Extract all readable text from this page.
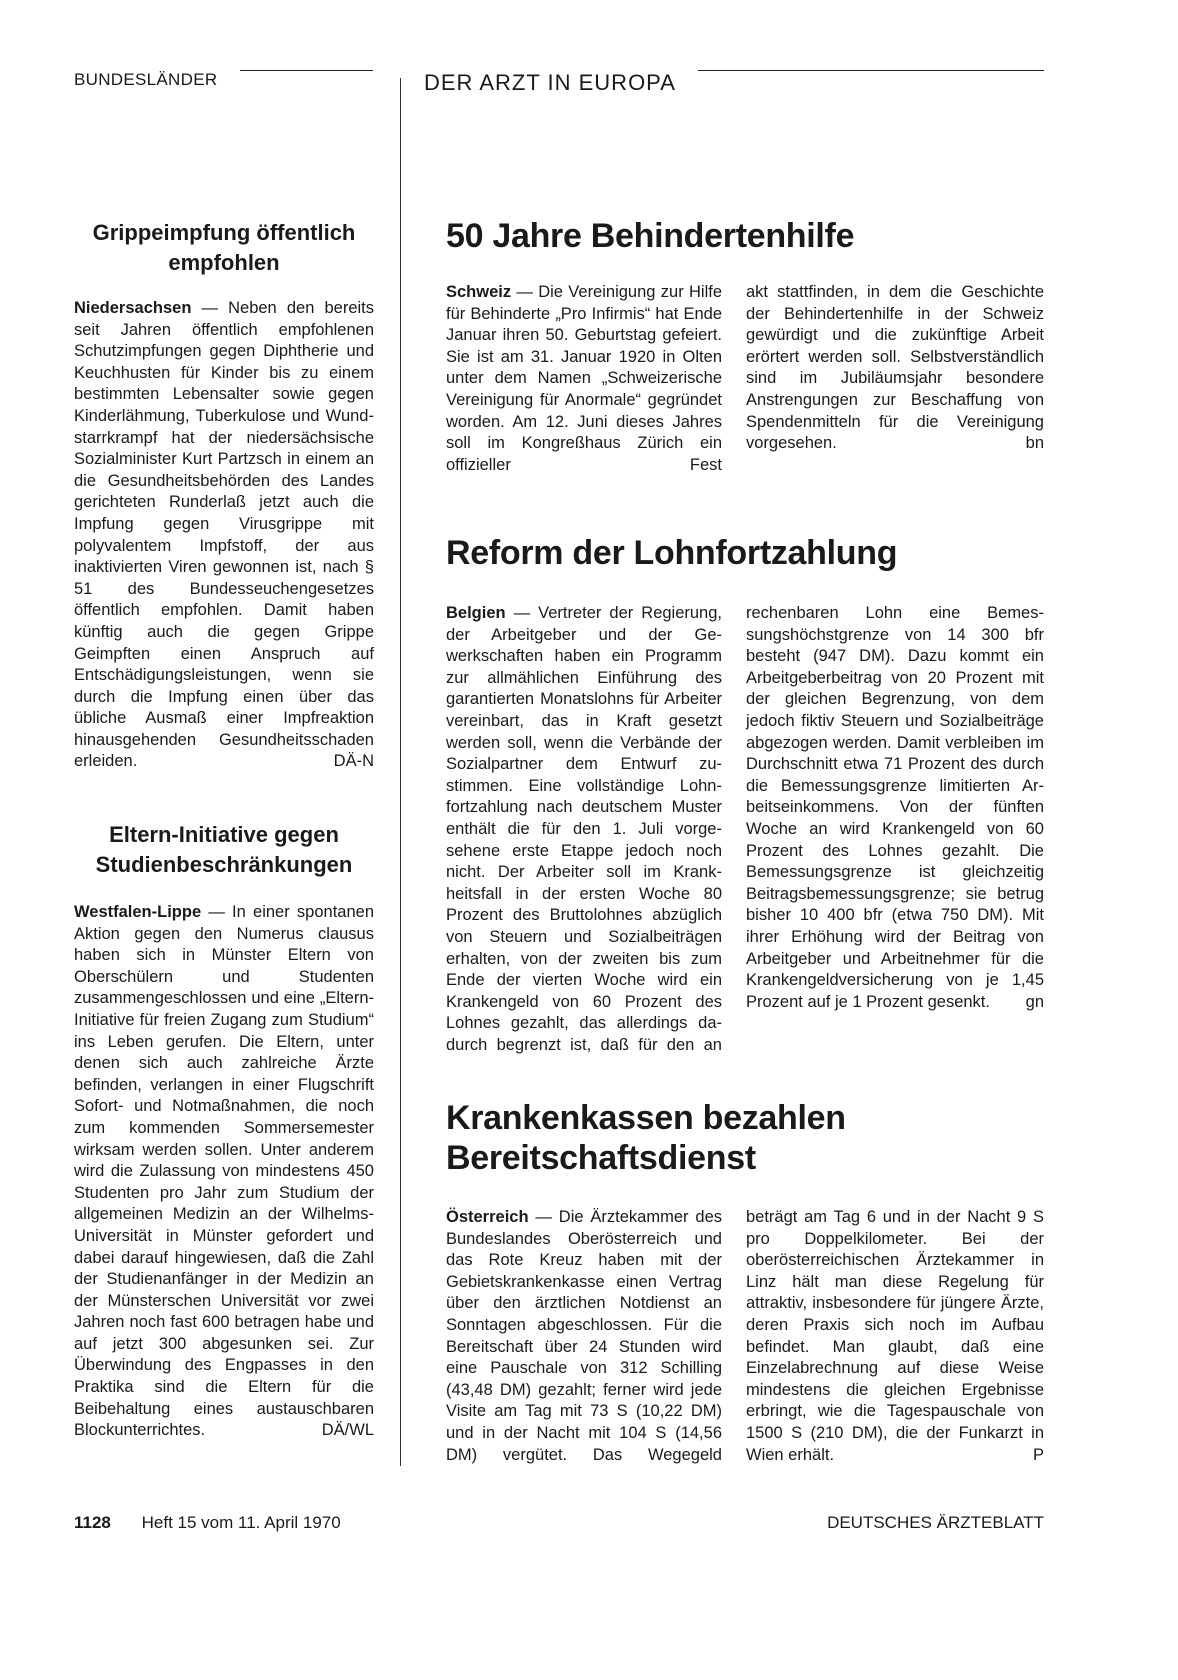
BUNDESLÄNDER	DER ARZT IN EUROPA
Grippeimpfung öffentlich empfohlen

Niedersachsen — Neben den bereits seit Jahren öffentlich empfohlenen Schutzimpfungen gegen Diphtherie und Keuchhusten für Kinder bis zu einem bestimmten Lebensalter sowie gegen Kinderlähmung, Tuberkulose und Wundstarrkrampf hat der niedersächsische Sozialminister Kurt Partzsch in einem an die Gesundheitsbehörden des Landes gerichteten Runderlaß jetzt auch die Impfung gegen Virusgrippe mit polyvalentem Impfstoff, der aus inaktivierten Viren gewonnen ist, nach § 51 des Bundesseuchengesetzes öffentlich empfohlen. Damit haben künftig auch die gegen Grippe Geimpften einen Anspruch auf Entschädigungsleistungen, wenn sie durch die Impfung einen über das übliche Ausmaß einer Impfreaktion hinausgehenden Gesundheitsschaden erleiden.	DÄ-N

Eltern-Initiative gegen Studienbeschränkungen

Westfalen-Lippe — In einer spontanen Aktion gegen den Numerus clausus haben sich in Münster Eltern von Oberschülern und Studenten zusammengeschlossen und eine „Eltern-Initiative für freien Zugang zum Studium“ ins Leben gerufen. Die Eltern, unter denen sich auch zahlreiche Ärzte befinden, verlangen in einer Flugschrift Sofort- und Notmaßnahmen, die noch zum kommenden Sommersemester wirksam werden sollen. Unter anderem wird die Zulassung von mindestens 450 Studenten pro Jahr zum Studium der allgemeinen Medizin an der Wilhelms-Universität in Münster gefordert und dabei darauf hingewiesen, daß die Zahl der Studienanfänger in der Medizin an der Münsterschen Universität vor zwei Jahren noch fast 600 betragen habe und auf jetzt 300 abgesunken sei. Zur Überwindung des Engpasses in den Praktika sind die Eltern für die Beibehaltung eines austauschbaren Blockunterrichtes.	DÄ/WL

50 Jahre Behindertenhilfe

Schweiz — Die Vereinigung zur Hilfe für Behinderte „Pro Infirmis“ hat Ende Januar ihren 50. Geburtstag gefeiert. Sie ist am 31. Januar 1920 in Olten unter dem Namen „Schweizerische Vereinigung für Anormale“ gegründet worden. Am 12. Juni dieses Jahres soll im Kongreßhaus Zürich ein offizieller Fest

akt stattfinden, in dem die Geschichte der Behindertenhilfe in der Schweiz gewürdigt und die zukünftige Arbeit erörtert werden soll. Selbstverständlich sind im Jubiläumsjahr besondere Anstrengungen zur Beschaffung von Spendenmitteln für die Vereinigung vorgesehen.	bn

Reform der Lohnfortzahlung

Belgien — Vertreter der Regierung, der Arbeitgeber und der Gewerkschaften haben ein Programm zur allmählichen Einführung des garantierten Monatslohns für Arbeiter vereinbart, das in Kraft gesetzt werden soll, wenn die Verbände der Sozialpartner dem Entwurf zustimmen. Eine vollständige Lohnfortzahlung nach deutschem Muster enthält die für den 1. Juli vorgesehene erste Etappe jedoch noch nicht. Der Arbeiter soll im Krankheitsfall in der ersten Woche 80 Prozent des Bruttolohnes abzüglich von Steuern und Sozialbeiträgen erhalten, von der zweiten bis zum Ende der vierten Woche wird ein Krankengeld von 60 Prozent des Lohnes gezahlt, das allerdings dadurch begrenzt ist, daß für den an

rechenbaren Lohn eine Bemessungshöchstgrenze von 14 300 bfr besteht (947 DM). Dazu kommt ein Arbeitgeberbeitrag von 20 Prozent mit der gleichen Begrenzung, von dem jedoch fiktiv Steuern und Sozialbeiträge abgezogen werden. Damit verbleiben im Durchschnitt etwa 71 Prozent des durch die Bemessungsgrenze limitierten Arbeitseinkommens. Von der fünften Woche an wird Krankengeld von 60 Prozent des Lohnes gezahlt. Die Bemessungsgrenze ist gleichzeitig Beitragsbemessungsgrenze; sie betrug bisher 10 400 bfr (etwa 750 DM). Mit ihrer Erhöhung wird der Beitrag von Arbeitgeber und Arbeitnehmer für die Krankengeldversicherung von je 1,45 Prozent auf je 1 Prozent gesenkt. gn

Krankenkassen bezahlen Bereitschaftsdienst

Österreich — Die Ärztekammer des Bundeslandes Oberösterreich und das Rote Kreuz haben mit der Gebietskrankenkasse einen Vertrag über den ärztlichen Notdienst an Sonntagen abgeschlossen. Für die Bereitschaft über 24 Stunden wird eine Pauschale von 312 Schilling (43,48 DM) gezahlt; ferner wird jede Visite am Tag mit 73 S (10,22 DM) und in der Nacht mit 104 S (14,56 DM) vergütet. Das Wegegeld

beträgt am Tag 6 und in der Nacht 9 S pro Doppelkilometer. Bei der oberösterreichischen Ärztekammer in Linz hält man diese Regelung für attraktiv, insbesondere für jüngere Ärzte, deren Praxis sich noch im Aufbau befindet. Man glaubt, daß eine Einzelabrechnung auf diese Weise mindestens die gleichen Ergebnisse erbringt, wie die Tagespauschale von 1500 S (210 DM), die der Funkarzt in Wien erhält.	P

1128 Heft 15 vom 11. April 1970	DEUTSCHES ÄRZTEBLATT
